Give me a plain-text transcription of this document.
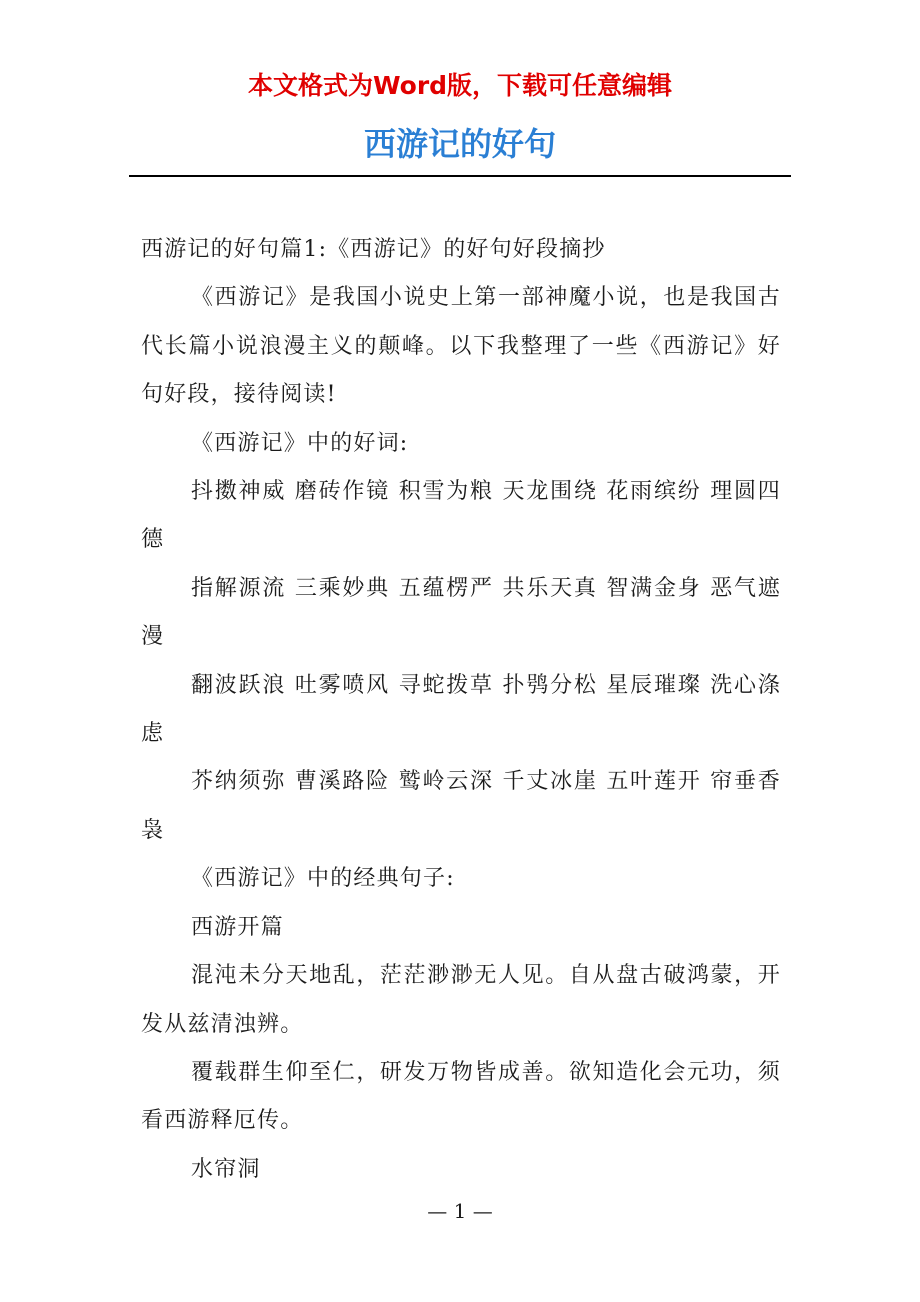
本文格式为Word版，下载可任意编辑
西游记的好句

西游记的好句篇1:《西游记》的好句好段摘抄

《西游记》是我国小说史上第一部神魔小说，也是我国古代长篇小说浪漫主义的颠峰。以下我整理了一些《西游记》好句好段，接待阅读!

《西游记》中的好词:

抖擞神威 磨砖作镜 积雪为粮 天龙围绕 花雨缤纷 理圆四德

指解源流 三乘妙典 五蕴楞严 共乐天真 智满金身 恶气遮漫

翻波跃浪 吐雾喷风 寻蛇拨草 扑鸮分松 星辰璀璨 洗心涤虑

芥纳须弥 曹溪路险 鹫岭云深 千丈冰崖 五叶莲开 帘垂香袅

《西游记》中的经典句子:

西游开篇

混沌未分天地乱，茫茫渺渺无人见。自从盘古破鸿蒙，开发从兹清浊辨。

覆载群生仰至仁，研发万物皆成善。欲知造化会元功，须看西游释厄传。

水帘洞

— 1 —
